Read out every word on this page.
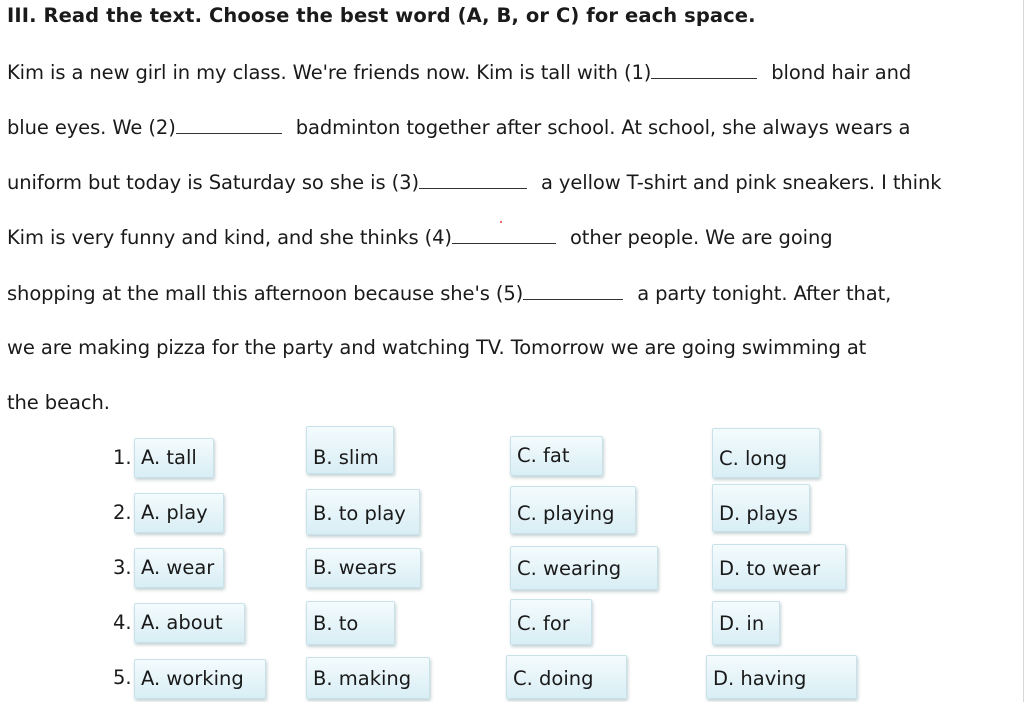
III. Read the text. Choose the best word (A, B, or C) for each space.
Kim is a new girl in my class. We're friends now. Kim is tall with (1)	blond hair and
blue eyes. We (2)	badminton together after school. At school, she always wears a
uniform but today is Saturday so she is (3)	a yellow T-shirt and pink sneakers. I think
Kim is very funny and kind, and she thinks (4)	other people. We are going
shopping at the mall this afternoon because she's (5)	a party tonight. After that,
we are making pizza for the party and watching TV. Tomorrow we are going swimming at
the beach.
1. A. tall	B. slim	C. fat	C. long
2. A. play	B. to play	C. playing	D. plays
3. A. wear	B. wears	C. wearing	D. to wear
4. A. about	B. to	C. for	D. in
5. A. working	B. making	C. doing	D. having
